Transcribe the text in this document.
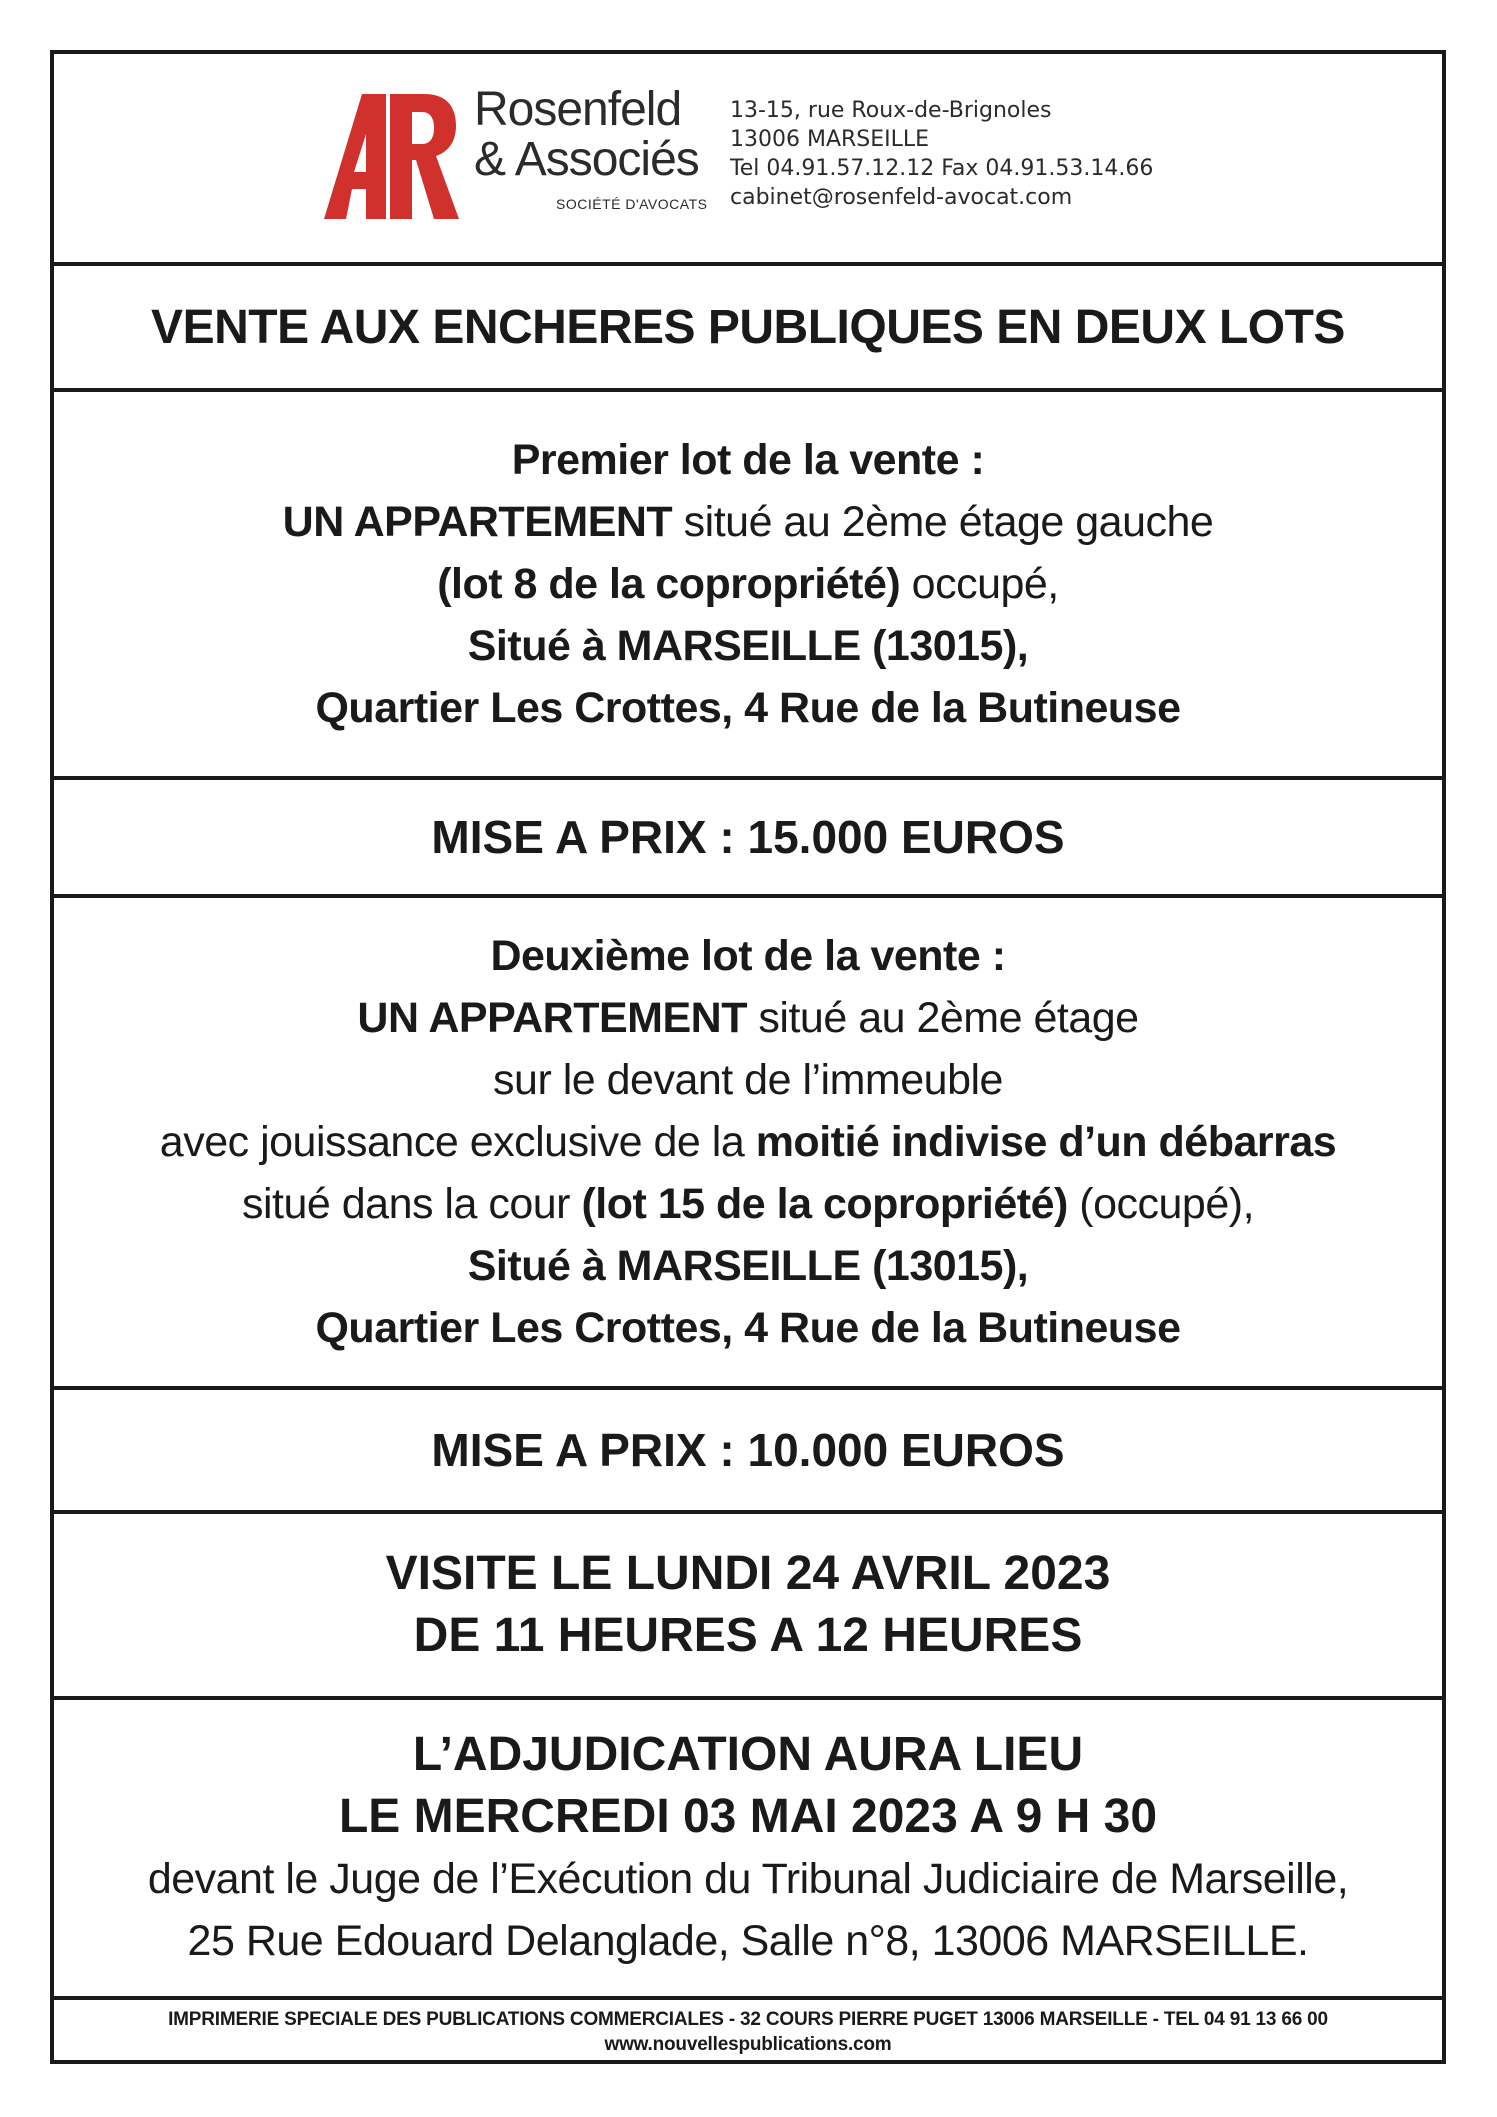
Rosenfeld
& Associés
SOCIÉTÉ D'AVOCATS
13-15, rue Roux-de-Brignoles
13006 MARSEILLE
Tel 04.91.57.12.12 Fax 04.91.53.14.66
cabinet@rosenfeld-avocat.com
VENTE AUX ENCHERES PUBLIQUES EN DEUX LOTS
Premier lot de la vente :
UN APPARTEMENT situé au 2ème étage gauche
(lot 8 de la copropriété) occupé,
Situé à MARSEILLE (13015),
Quartier Les Crottes, 4 Rue de la Butineuse
MISE A PRIX : 15.000 EUROS
Deuxième lot de la vente :
UN APPARTEMENT situé au 2ème étage
sur le devant de l’immeuble
avec jouissance exclusive de la moitié indivise d’un débarras
situé dans la cour (lot 15 de la copropriété) (occupé),
Situé à MARSEILLE (13015),
Quartier Les Crottes, 4 Rue de la Butineuse
MISE A PRIX : 10.000 EUROS
VISITE LE LUNDI 24 AVRIL 2023
DE 11 HEURES A 12 HEURES
L’ADJUDICATION AURA LIEU
LE MERCREDI 03 MAI 2023 A 9 H 30
devant le Juge de l’Exécution du Tribunal Judiciaire de Marseille,
25 Rue Edouard Delanglade, Salle n°8, 13006 MARSEILLE.
IMPRIMERIE SPECIALE DES PUBLICATIONS COMMERCIALES - 32 COURS PIERRE PUGET 13006 MARSEILLE - TEL 04 91 13 66 00
www.nouvellespublications.com
